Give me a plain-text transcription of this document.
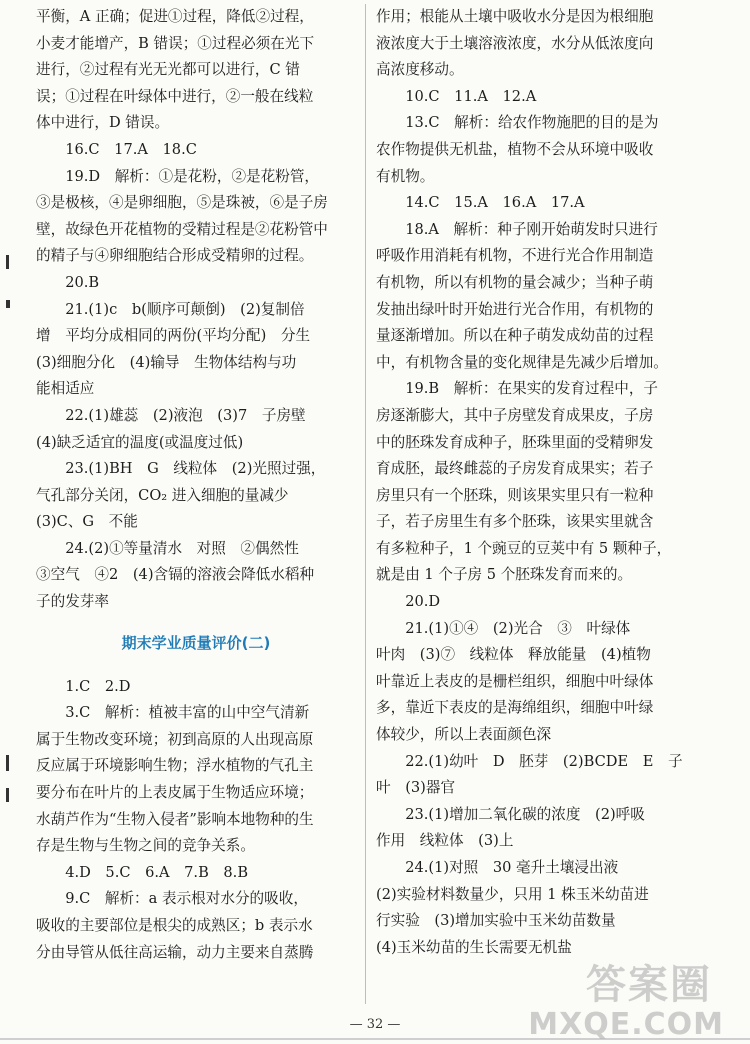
平衡，A 正确；促进①过程，降低②过程，
小麦才能增产，B 错误；①过程必须在光下
进行，②过程有光无光都可以进行，C 错
误；①过程在叶绿体中进行，②一般在线粒
体中进行，D 错误。
16.C　17.A　18.C
19.D　解析：①是花粉，②是花粉管，
③是极核，④是卵细胞，⑤是珠被，⑥是子房
壁，故绿色开花植物的受精过程是②花粉管中
的精子与④卵细胞结合形成受精卵的过程。
20.B
21.(1)c　b(顺序可颠倒)　(2)复制倍
增　平均分成相同的两份(平均分配)　分生
(3)细胞分化　(4)输导　生物体结构与功
能相适应
22.(1)雄蕊　(2)液泡　(3)7　子房壁
(4)缺乏适宜的温度(或温度过低)
23.(1)BH　G　线粒体　(2)光照过强，
气孔部分关闭，CO₂ 进入细胞的量减少
(3)C、G　不能
24.(2)①等量清水　对照　②偶然性
③空气　④2　(4)含镉的溶液会降低水稻种
子的发芽率
期末学业质量评价(二)
1.C　2.D
3.C　解析：植被丰富的山中空气清新
属于生物改变环境；初到高原的人出现高原
反应属于环境影响生物；浮水植物的气孔主
要分布在叶片的上表皮属于生物适应环境；
水葫芦作为“生物入侵者”影响本地物种的生
存是生物与生物之间的竞争关系。
4.D　5.C　6.A　7.B　8.B
9.C　解析：a 表示根对水分的吸收，
吸收的主要部位是根尖的成熟区；b 表示水
分由导管从低往高运输，动力主要来自蒸腾
作用；根能从土壤中吸收水分是因为根细胞
液浓度大于土壤溶液浓度，水分从低浓度向
高浓度移动。
10.C　11.A　12.A
13.C　解析：给农作物施肥的目的是为
农作物提供无机盐，植物不会从环境中吸收
有机物。
14.C　15.A　16.A　17.A
18.A　解析：种子刚开始萌发时只进行
呼吸作用消耗有机物，不进行光合作用制造
有机物，所以有机物的量会减少；当种子萌
发抽出绿叶时开始进行光合作用，有机物的
量逐渐增加。所以在种子萌发成幼苗的过程
中，有机物含量的变化规律是先减少后增加。
19.B　解析：在果实的发育过程中，子
房逐渐膨大，其中子房壁发育成果皮，子房
中的胚珠发育成种子，胚珠里面的受精卵发
育成胚，最终雌蕊的子房发育成果实；若子
房里只有一个胚珠，则该果实里只有一粒种
子，若子房里生有多个胚珠，该果实里就含
有多粒种子，1 个豌豆的豆荚中有 5 颗种子，
就是由 1 个子房 5 个胚珠发育而来的。
20.D
21.(1)①④　(2)光合　③　叶绿体
叶肉　(3)⑦　线粒体　释放能量　(4)植物
叶靠近上表皮的是栅栏组织，细胞中叶绿体
多，靠近下表皮的是海绵组织，细胞中叶绿
体较少，所以上表面颜色深
22.(1)幼叶　D　胚芽　(2)BCDE　E　子
叶　(3)器官
23.(1)增加二氧化碳的浓度　(2)呼吸
作用　线粒体　(3)上
24.(1)对照　30 毫升土壤浸出液
(2)实验材料数量少，只用 1 株玉米幼苗进
行实验　(3)增加实验中玉米幼苗数量
(4)玉米幼苗的生长需要无机盐
— 32 —
答案圈
MXQE.COM
